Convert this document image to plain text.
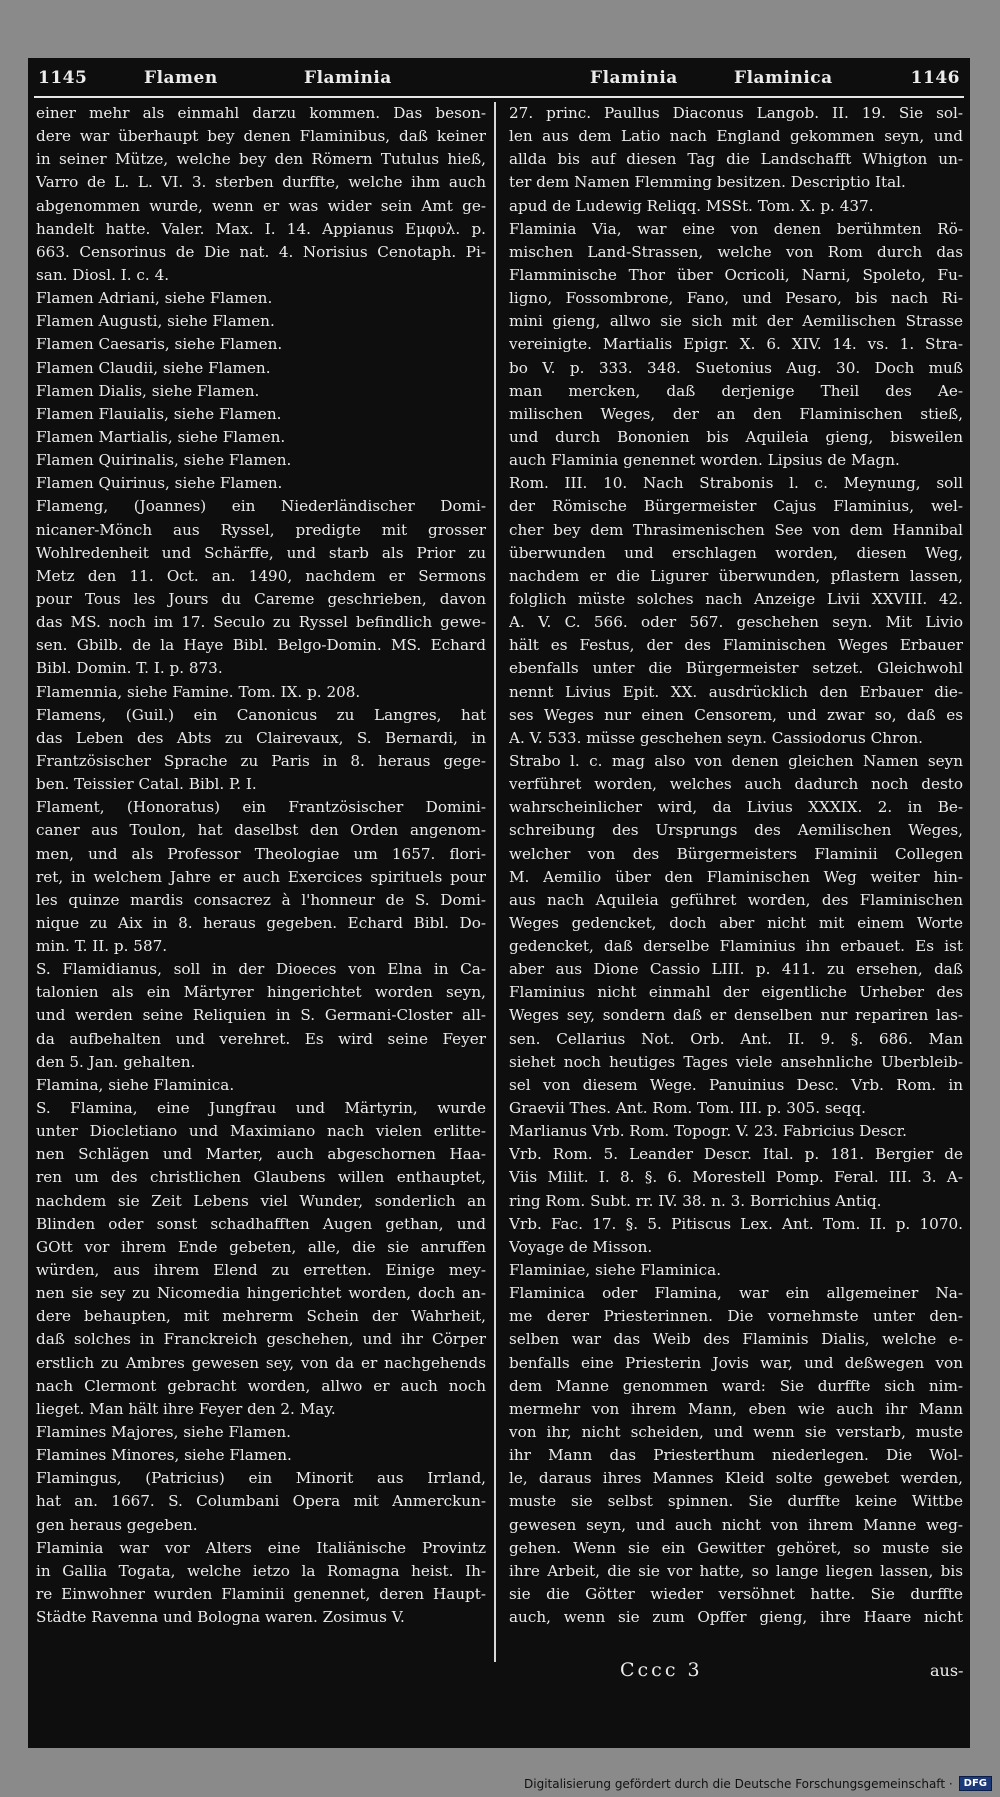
1145	Flamen	Flaminia	Flaminia	Flaminica	1146
einer mehr als einmahl darzu kommen. Das beson-
dere war überhaupt bey denen Flaminibus, daß keiner
in seiner Mütze, welche bey den Römern Tutulus hieß,
Varro de L. L. VI. 3. sterben durffte, welche ihm auch
abgenommen wurde, wenn er was wider sein Amt ge-
handelt hatte. Valer. Max. I. 14. Appianus Εμφυλ. p.
663. Censorinus de Die nat. 4. Norisius Cenotaph. Pi-
san. Diosl. I. c. 4.
Flamen Adriani, siehe Flamen.
Flamen Augusti, siehe Flamen.
Flamen Caesaris, siehe Flamen.
Flamen Claudii, siehe Flamen.
Flamen Dialis, siehe Flamen.
Flamen Flauialis, siehe Flamen.
Flamen Martialis, siehe Flamen.
Flamen Quirinalis, siehe Flamen.
Flamen Quirinus, siehe Flamen.
Flameng, (Joannes) ein Niederländischer Domi-
nicaner-Mönch aus Ryssel, predigte mit grosser
Wohlredenheit und Schärffe, und starb als Prior zu
Metz den 11. Oct. an. 1490, nachdem er Sermons
pour Tous les Jours du Careme geschrieben, davon
das MS. noch im 17. Seculo zu Ryssel befindlich gewe-
sen. Gbilb. de la Haye Bibl. Belgo-Domin. MS. Echard
Bibl. Domin. T. I. p. 873.
Flamennia, siehe Famine. Tom. IX. p. 208.
Flamens, (Guil.) ein Canonicus zu Langres, hat
das Leben des Abts zu Clairevaux, S. Bernardi, in
Frantzösischer Sprache zu Paris in 8. heraus gege-
ben. Teissier Catal. Bibl. P. I.
Flament, (Honoratus) ein Frantzösischer Domini-
caner aus Toulon, hat daselbst den Orden angenom-
men, und als Professor Theologiae um 1657. flori-
ret, in welchem Jahre er auch Exercices spirituels pour
les quinze mardis consacrez à l'honneur de S. Domi-
nique zu Aix in 8. heraus gegeben. Echard Bibl. Do-
min. T. II. p. 587.
S. Flamidianus, soll in der Dioeces von Elna in Ca-
talonien als ein Märtyrer hingerichtet worden seyn,
und werden seine Reliquien in S. Germani-Closter all-
da aufbehalten und verehret. Es wird seine Feyer
den 5. Jan. gehalten.
Flamina, siehe Flaminica.
S. Flamina, eine Jungfrau und Märtyrin, wurde
unter Diocletiano und Maximiano nach vielen erlitte-
nen Schlägen und Marter, auch abgeschornen Haa-
ren um des christlichen Glaubens willen enthauptet,
nachdem sie Zeit Lebens viel Wunder, sonderlich an
Blinden oder sonst schadhafften Augen gethan, und
GOtt vor ihrem Ende gebeten, alle, die sie anruffen
würden, aus ihrem Elend zu erretten. Einige mey-
nen sie sey zu Nicomedia hingerichtet worden, doch an-
dere behaupten, mit mehrerm Schein der Wahrheit,
daß solches in Franckreich geschehen, und ihr Cörper
erstlich zu Ambres gewesen sey, von da er nachgehends
nach Clermont gebracht worden, allwo er auch noch
lieget. Man hält ihre Feyer den 2. May.
Flamines Majores, siehe Flamen.
Flamines Minores, siehe Flamen.
Flamingus, (Patricius) ein Minorit aus Irrland,
hat an. 1667. S. Columbani Opera mit Anmerckun-
gen heraus gegeben.
Flaminia war vor Alters eine Italiänische Provintz
in Gallia Togata, welche ietzo la Romagna heist. Ih-
re Einwohner wurden Flaminii genennet, deren Haupt-
Städte Ravenna und Bologna waren. Zosimus V.
27. princ. Paullus Diaconus Langob. II. 19. Sie sol-
len aus dem Latio nach England gekommen seyn, und
allda bis auf diesen Tag die Landschafft Whigton un-
ter dem Namen Flemming besitzen. Descriptio Ital.
apud de Ludewig Reliqq. MSSt. Tom. X. p. 437.
Flaminia Via, war eine von denen berühmten Rö-
mischen Land-Strassen, welche von Rom durch das
Flamminische Thor über Ocricoli, Narni, Spoleto, Fu-
ligno, Fossombrone, Fano, und Pesaro, bis nach Ri-
mini gieng, allwo sie sich mit der Aemilischen Strasse
vereinigte. Martialis Epigr. X. 6. XIV. 14. vs. 1. Stra-
bo V. p. 333. 348. Suetonius Aug. 30. Doch muß
man mercken, daß derjenige Theil des Ae-
milischen Weges, der an den Flaminischen stieß,
und durch Bononien bis Aquileia gieng, bisweilen
auch Flaminia genennet worden. Lipsius de Magn.
Rom. III. 10. Nach Strabonis l. c. Meynung, soll
der Römische Bürgermeister Cajus Flaminius, wel-
cher bey dem Thrasimenischen See von dem Hannibal
überwunden und erschlagen worden, diesen Weg,
nachdem er die Ligurer überwunden, pflastern lassen,
folglich müste solches nach Anzeige Livii XXVIII. 42.
A. V. C. 566. oder 567. geschehen seyn. Mit Livio
hält es Festus, der des Flaminischen Weges Erbauer
ebenfalls unter die Bürgermeister setzet. Gleichwohl
nennt Livius Epit. XX. ausdrücklich den Erbauer die-
ses Weges nur einen Censorem, und zwar so, daß es
A. V. 533. müsse geschehen seyn. Cassiodorus Chron.
Strabo l. c. mag also von denen gleichen Namen seyn
verführet worden, welches auch dadurch noch desto
wahrscheinlicher wird, da Livius XXXIX. 2. in Be-
schreibung des Ursprungs des Aemilischen Weges,
welcher von des Bürgermeisters Flaminii Collegen
M. Aemilio über den Flaminischen Weg weiter hin-
aus nach Aquileia geführet worden, des Flaminischen
Weges gedencket, doch aber nicht mit einem Worte
gedencket, daß derselbe Flaminius ihn erbauet. Es ist
aber aus Dione Cassio LIII. p. 411. zu ersehen, daß
Flaminius nicht einmahl der eigentliche Urheber des
Weges sey, sondern daß er denselben nur repariren las-
sen. Cellarius Not. Orb. Ant. II. 9. §. 686. Man
siehet noch heutiges Tages viele ansehnliche Uberbleib-
sel von diesem Wege. Panuinius Desc. Vrb. Rom. in
Graevii Thes. Ant. Rom. Tom. III. p. 305. seqq.
Marlianus Vrb. Rom. Topogr. V. 23. Fabricius Descr.
Vrb. Rom. 5. Leander Descr. Ital. p. 181. Bergier de
Viis Milit. I. 8. §. 6. Morestell Pomp. Feral. III. 3. A-
ring Rom. Subt. rr. IV. 38. n. 3. Borrichius Antiq.
Vrb. Fac. 17. §. 5. Pitiscus Lex. Ant. Tom. II. p. 1070.
Voyage de Misson.
Flaminiae, siehe Flaminica.
Flaminica oder Flamina, war ein allgemeiner Na-
me derer Priesterinnen. Die vornehmste unter den-
selben war das Weib des Flaminis Dialis, welche e-
benfalls eine Priesterin Jovis war, und deßwegen von
dem Manne genommen ward: Sie durffte sich nim-
mermehr von ihrem Mann, eben wie auch ihr Mann
von ihr, nicht scheiden, und wenn sie verstarb, muste
ihr Mann das Priesterthum niederlegen. Die Wol-
le, daraus ihres Mannes Kleid solte gewebet werden,
muste sie selbst spinnen. Sie durffte keine Wittbe
gewesen seyn, und auch nicht von ihrem Manne weg-
gehen. Wenn sie ein Gewitter gehöret, so muste sie
ihre Arbeit, die sie vor hatte, so lange liegen lassen, bis
sie die Götter wieder versöhnet hatte. Sie durffte
auch, wenn sie zum Opffer gieng, ihre Haare nicht
Cccc 3	aus-
Digitalisierung gefördert durch die Deutsche Forschungsgemeinschaft ·	DFG
